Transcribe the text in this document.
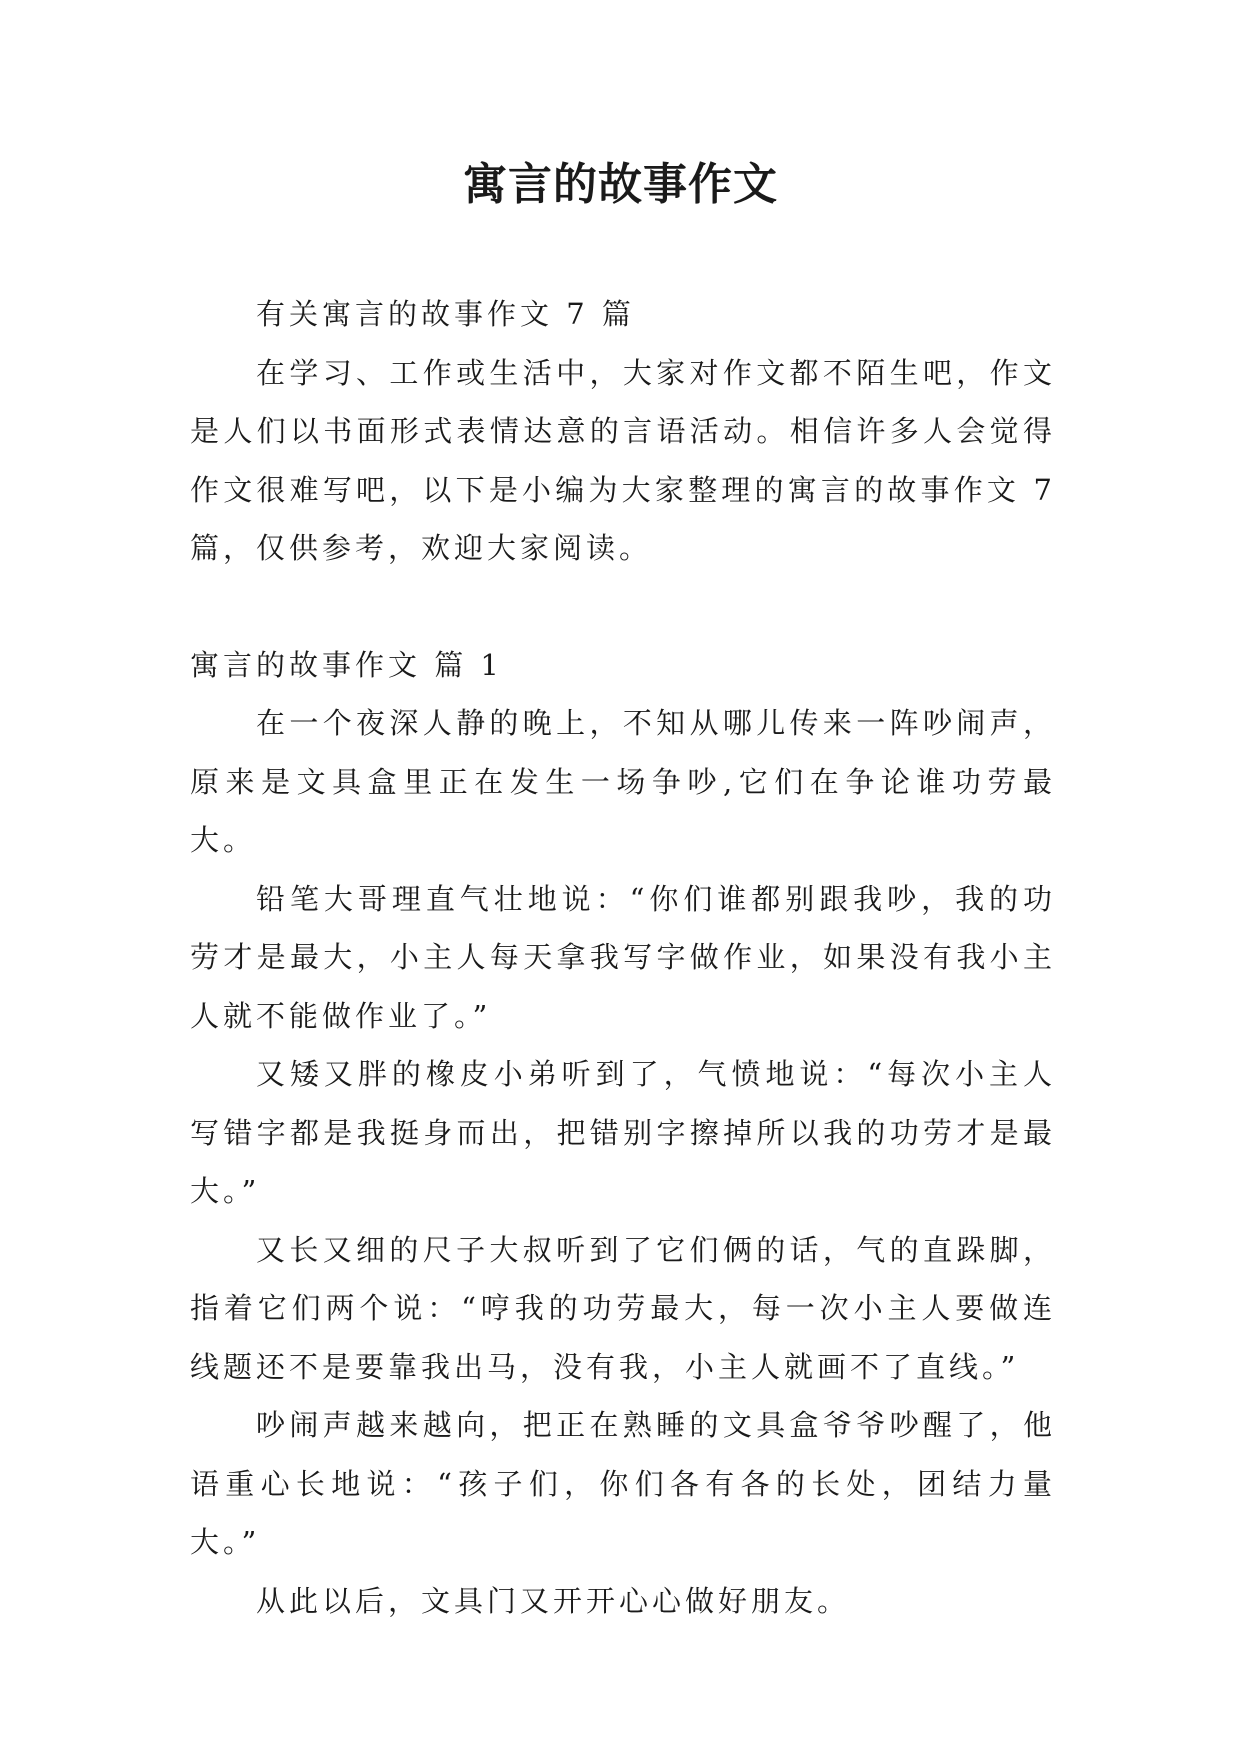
寓言的故事作文

有关寓言的故事作文 7 篇

在学习、工作或生活中，大家对作文都不陌生吧，作文是人们以书面形式表情达意的言语活动。相信许多人会觉得作文很难写吧，以下是小编为大家整理的寓言的故事作文 7 篇，仅供参考，欢迎大家阅读。

寓言的故事作文 篇 1

在一个夜深人静的晚上，不知从哪儿传来一阵吵闹声，原来是文具盒里正在发生一场争吵,它们在争论谁功劳最大。

铅笔大哥理直气壮地说：“你们谁都别跟我吵，我的功劳才是最大，小主人每天拿我写字做作业，如果没有我小主人就不能做作业了。”

又矮又胖的橡皮小弟听到了，气愤地说：“每次小主人写错字都是我挺身而出，把错别字擦掉所以我的功劳才是最大。”

又长又细的尺子大叔听到了它们俩的话，气的直跺脚，指着它们两个说：“哼我的功劳最大，每一次小主人要做连线题还不是要靠我出马，没有我，小主人就画不了直线。”

吵闹声越来越向，把正在熟睡的文具盒爷爷吵醒了，他语重心长地说：“孩子们，你们各有各的长处，团结力量大。”

从此以后，文具门又开开心心做好朋友。
